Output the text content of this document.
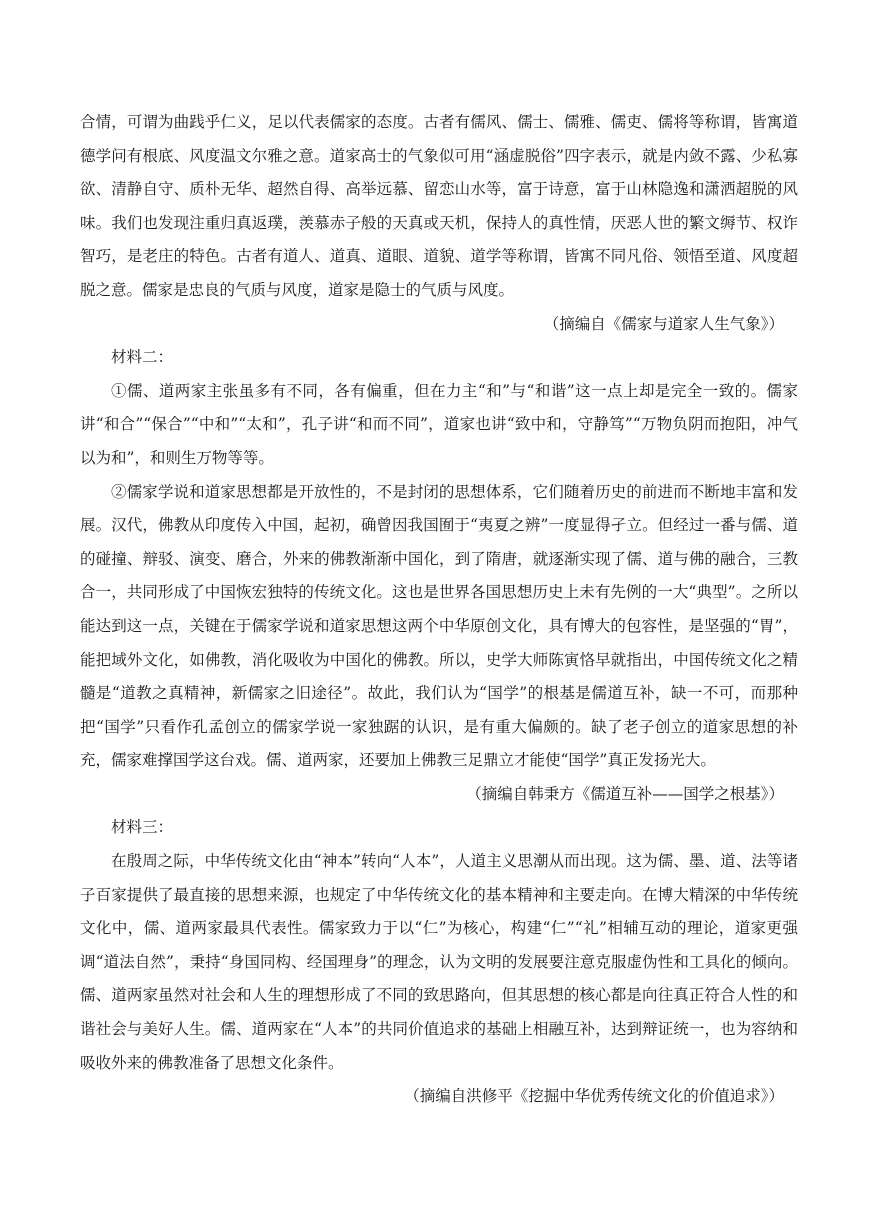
合情，可谓为曲践乎仁义，足以代表儒家的态度。古者有儒风、儒士、儒雅、儒吏、儒将等称谓，皆寓道德学问有根底、风度温文尔雅之意。道家高士的气象似可用“涵虚脱俗”四字表示，就是内敛不露、少私寡欲、清静自守、质朴无华、超然自得、高举远慕、留恋山水等，富于诗意，富于山林隐逸和潇洒超脱的风味。我们也发现注重归真返璞，羡慕赤子般的天真或天机，保持人的真性情，厌恶人世的繁文缛节、权诈智巧，是老庄的特色。古者有道人、道真、道眼、道貌、道学等称谓，皆寓不同凡俗、领悟至道、风度超脱之意。儒家是忠良的气质与风度，道家是隐士的气质与风度。

（摘编自《儒家与道家人生气象》）

材料二：

①儒、道两家主张虽多有不同，各有偏重，但在力主“和”与“和谐”这一点上却是完全一致的。儒家讲“和合”“保合”“中和”“太和”，孔子讲“和而不同”，道家也讲“致中和，守静笃”“万物负阴而抱阳，冲气以为和”，和则生万物等等。

②儒家学说和道家思想都是开放性的，不是封闭的思想体系，它们随着历史的前进而不断地丰富和发展。汉代，佛教从印度传入中国，起初，确曾因我国囿于“夷夏之辨”一度显得孑立。但经过一番与儒、道的碰撞、辩驳、演变、磨合，外来的佛教渐渐中国化，到了隋唐，就逐渐实现了儒、道与佛的融合，三教合一，共同形成了中国恢宏独特的传统文化。这也是世界各国思想历史上未有先例的一大“典型”。之所以能达到这一点，关键在于儒家学说和道家思想这两个中华原创文化，具有博大的包容性，是坚强的“胃”，能把域外文化，如佛教，消化吸收为中国化的佛教。所以，史学大师陈寅恪早就指出，中国传统文化之精髓是“道教之真精神，新儒家之旧途径”。故此，我们认为“国学”的根基是儒道互补，缺一不可，而那种把“国学”只看作孔孟创立的儒家学说一家独踞的认识，是有重大偏颇的。缺了老子创立的道家思想的补充，儒家难撑国学这台戏。儒、道两家，还要加上佛教三足鼎立才能使“国学”真正发扬光大。

（摘编自韩秉方《儒道互补——国学之根基》）

材料三：

在殷周之际，中华传统文化由“神本”转向“人本”，人道主义思潮从而出现。这为儒、墨、道、法等诸子百家提供了最直接的思想来源，也规定了中华传统文化的基本精神和主要走向。在博大精深的中华传统文化中，儒、道两家最具代表性。儒家致力于以“仁”为核心，构建“仁”“礼”相辅互动的理论，道家更强调“道法自然”，秉持“身国同构、经国理身”的理念，认为文明的发展要注意克服虚伪性和工具化的倾向。儒、道两家虽然对社会和人生的理想形成了不同的致思路向，但其思想的核心都是向往真正符合人性的和谐社会与美好人生。儒、道两家在“人本”的共同价值追求的基础上相融互补，达到辩证统一，也为容纳和吸收外来的佛教准备了思想文化条件。

（摘编自洪修平《挖掘中华优秀传统文化的价值追求》）
